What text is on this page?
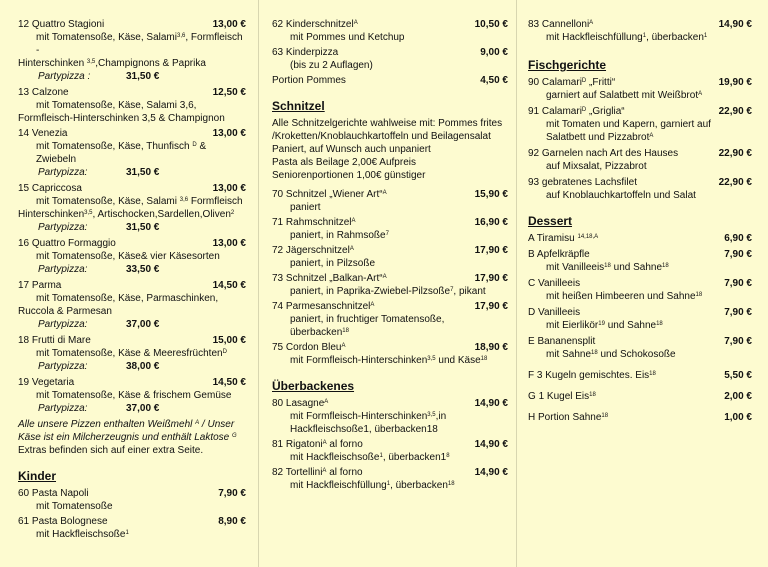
12 Quattro Stagioni	13,00 €
mit Tomatensoße, Käse, Salami$^{3,6}$, Formfleisch -
Hinterschinken $^{3,5}$,Champignons & Paprika
Partypizza :	31,50 €
13 Calzone	12,50 €
mit Tomatensoße, Käse, Salami 3,6,
Formfleisch-Hinterschinken 3,5 & Champignon
14 Venezia	13,00 €
mit Tomatensoße, Käse, Thunfisch $^D$ & Zwiebeln
Partypizza:	31,50 €
15 Capriccosa	13,00 €
mit Tomatensoße, Käse, Salami $^{3,6}$ Formfleisch
Hinterschinken$^{3,5}$, Artischocken,Sardellen,Oliven$^2$
Partypizza:	31,50 €
16 Quattro Formaggio	13,00 €
mit Tomatensoße, Käse& vier Käsesorten
Partypizza:	33,50 €
17 Parma	14,50 €
mit Tomatensoße, Käse, Parmaschinken,
Ruccola & Parmesan
Partypizza:	37,00 €
18 Frutti di Mare	15,00 €
mit Tomatensoße, Käse & Meeresfrüchten$^D$
Partypizza:	38,00 €
19 Vegetaria	14,50 €
mit Tomatensoße, Käse & frischem Gemüse
Partypizza:	37,00 €
Alle unsere Pizzen enthalten Weißmehl $^A$ / Unser
Käse ist ein Milcherzeugnis und enthält Laktose $^G$
Extras befinden sich auf einer extra Seite.
Kinder
60 Pasta Napoli	7,90 €
mit Tomatensoße
61 Pasta Bolognese	8,90 €
mit Hackfleischsoße$^1$
62 Kinderschnitzel$^A$	10,50 €
mit Pommes und Ketchup
63 Kinderpizza	9,00 €
(bis zu 2 Auflagen)
Portion Pommes	4,50 €
Schnitzel
Alle Schnitzelgerichte wahlweise mit: Pommes frites
/Kroketten/Knoblauchkartoffeln und Beilagensalat
Paniert, auf Wunsch auch unpaniert
Pasta als Beilage 2,00€ Aufpreis
Seniorenportionen 1,00€ günstiger
70 Schnitzel „Wiener Art“$^A$	15,90 €
paniert
71 Rahmschnitzel$^A$	16,90 €
paniert, in Rahmsoße$^7$
72 Jägerschnitzel$^A$	17,90 €
paniert, in Pilzsoße
73 Schnitzel „Balkan-Art“$^A$	17,90 €
paniert, in Paprika-Zwiebel-Pilzsoße$^7$, pikant
74 Parmesanschnitzel$^A$	17,90 €
paniert, in fruchtiger Tomatensoße,
überbacken$^{18}$
75 Cordon Bleu$^A$	18,90 €
mit Formfleisch-Hinterschinken$^{3,5}$ und Käse$^{18}$
Überbackenes
80 Lasagne$^A$	14,90 €
mit Formfleisch-Hinterschinken$^{3,5}$,in
Hackfleischsoße1, überbacken18
81 Rigatoni$^A$ al forno	14,90 €
mit Hackfleischsoße$^1$, $überbacken1^8$
82 Tortellini$^A$ al forno	14,90 €
mit Hackfleischfüllung$^1$, überbacken$^{18}$
83 Cannelloni$^A$	14,90 €
mit Hackfleischfüllung$^1$, überbacken$^1$
Fischgerichte
90 Calamari$^D$ „Fritti“	19,90 €
garniert auf Salatbett mit Weißbrot$^A$
91 Calamari$^D$ „Griglia“	22,90 €
mit Tomaten und Kapern, garniert auf
Salatbett und Pizzabrot$^A$
92 Garnelen nach Art des Hauses	22,90 €
auf Mixsalat, Pizzabrot
93 gebratenes Lachsfilet	22,90 €
auf Knoblauchkartoffeln und Salat
Dessert
A Tiramisu $^{14,18,A}$	6,90 €
B Apfelkräpfle	7,90 €
mit Vanilleeis$^{18}$ und Sahne$^{18}$
C Vanilleeis	7,90 €
mit heißen Himbeeren und Sahne$^{18}$
D Vanilleeis	7,90 €
mit Eierlikör$^{19}$ und Sahne$^{18}$
E Bananensplit	7,90 €
mit Sahne$^{18}$ und Schokosoße
F 3 Kugeln gemischtes. Eis$^{18}$	5,50 €
G 1 Kugel Eis$^{18}$	2,00 €
H Portion Sahne$^{18}$	1,00 €
